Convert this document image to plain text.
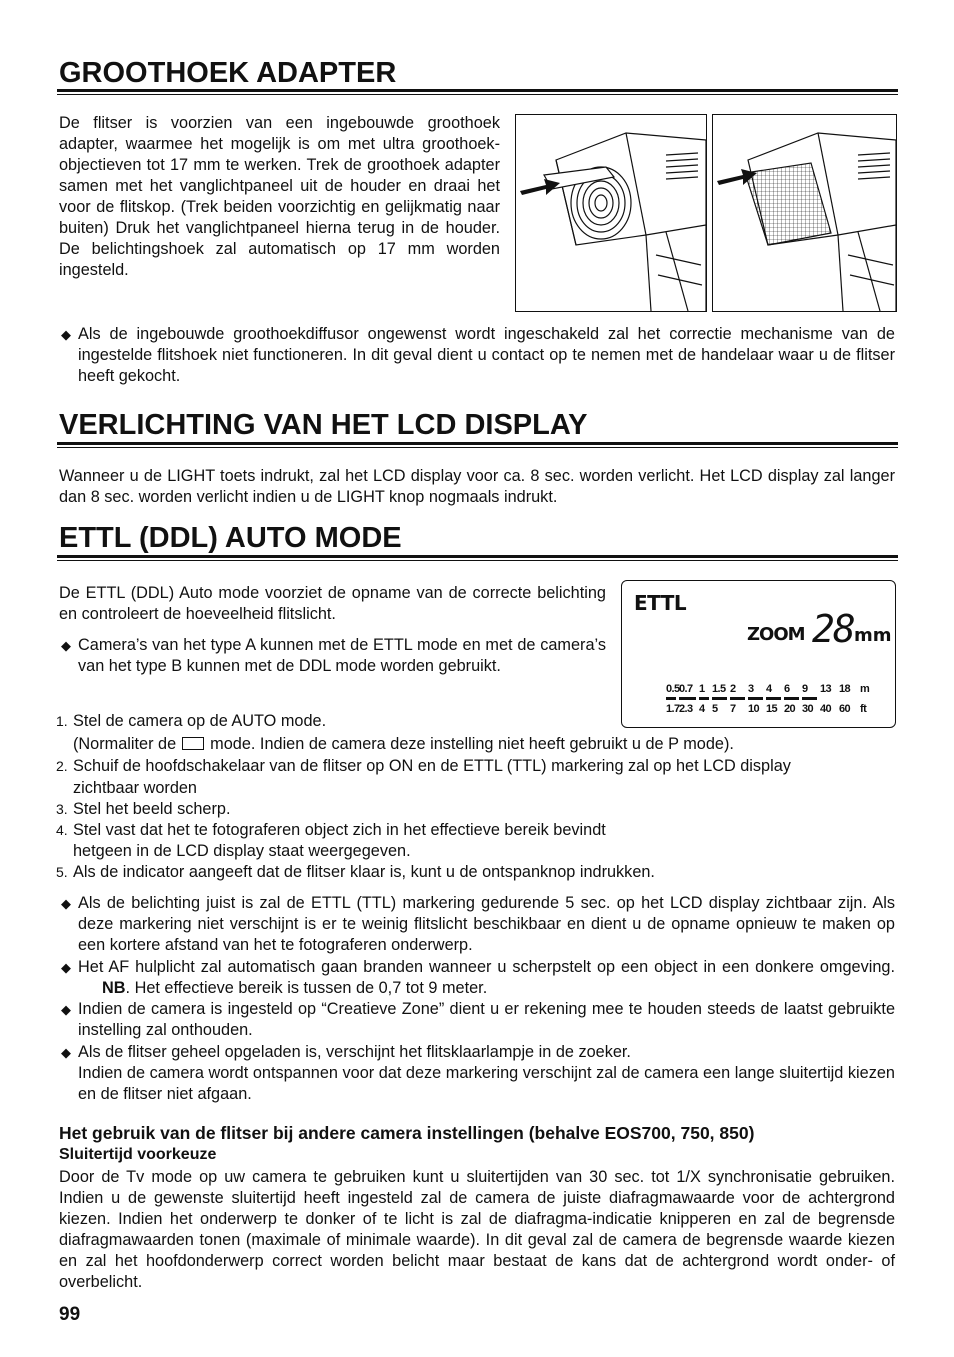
GROOTHOEK ADAPTER

De flitser is voorzien van een ingebouwde groothoek adapter, waarmee het mogelijk is om met ultra groothoek-objectieven tot 17 mm te werken. Trek de groothoek adapter samen met het vanglichtpaneel uit de houder en draai het voor de flitskop. (Trek beiden voorzichtig en gelijkmatig naar buiten) Druk het vanglichtpaneel hierna terug in de houder. De belichtingshoek zal automatisch op 17 mm worden ingesteld.

◆ Als de ingebouwde groothoekdiffusor ongewenst wordt ingeschakeld zal het correctie mechanisme van de ingestelde flitshoek niet functioneren. In dit geval dient u contact op te nemen met de handelaar waar u de flitser heeft gekocht.
VERLICHTING VAN HET LCD DISPLAY

Wanneer u de LIGHT toets indrukt, zal het LCD display voor ca. 8 sec. worden verlicht. Het LCD display zal langer dan 8 sec. worden verlicht indien u de LIGHT knop nogmaals indrukt.

ETTL (DDL) AUTO MODE

De ETTL (DDL) Auto mode voorziet de opname van de correcte belichting en controleert de hoeveelheid flitslicht.

◆ Camera’s van het type A kunnen met de ETTL mode en met de camera’s van het type B kunnen met de DDL mode worden gebruikt.
ETTL
ZOOM 28 mm
0.5 0.7 1 1.5 2 3 4 6 9 13 18 m
1.7 2.3 4 5 7 10 15 20 30 40 60 ft
1. Stel de camera op de AUTO mode.
(Normaliter de mode. Indien de camera deze instelling niet heeft gebruikt u de P mode).
2. Schuif de hoofdschakelaar van de flitser op ON en de ETTL (TTL) markering zal op het LCD display
zichtbaar worden
3. Stel het beeld scherp.
4. Stel vast dat het te fotograferen object zich in het effectieve bereik bevindt
hetgeen in de LCD display staat weergegeven.
5. Als de indicator aangeeft dat de flitser klaar is, kunt u de ontspanknop indrukken.
◆ Als de belichting juist is zal de ETTL (TTL) markering gedurende 5 sec. op het LCD display zichtbaar zijn. Als deze markering niet verschijnt is er te weinig flitslicht beschikbaar en dient u de opname opnieuw te maken op een kortere afstand van het te fotograferen onderwerp.
◆ Het AF hulplicht zal automatisch gaan branden wanneer u scherpstelt op een object in een donkere omgeving. NB. Het effectieve bereik is tussen de 0,7 tot 9 meter.
◆ Indien de camera is ingesteld op “Creatieve Zone” dient u er rekening mee te houden steeds de laatst gebruikte instelling zal onthouden.
◆ Als de flitser geheel opgeladen is, verschijnt het flitsklaarlampje in de zoeker.
Indien de camera wordt ontspannen voor dat deze markering verschijnt zal de camera een lange sluitertijd kiezen en de flitser niet afgaan.
Het gebruik van de flitser bij andere camera instellingen (behalve EOS700, 750, 850)
Sluitertijd voorkeuze

Door de Tv mode op uw camera te gebruiken kunt u sluitertijden van 30 sec. tot 1/X synchronisatie gebruiken. Indien u de gewenste sluitertijd heeft ingesteld zal de camera de juiste diafragmawaarde voor de achtergrond kiezen. Indien het onderwerp te donker of te licht is zal de diafragma-indicatie knipperen en zal de begrensde diafragmawaarden tonen (maximale of minimale waarde). In dit geval zal de camera de begrensde waarde kiezen en zal het hoofdonderwerp correct worden belicht maar bestaat de kans dat de achtergrond wordt onder- of overbelicht.

99
